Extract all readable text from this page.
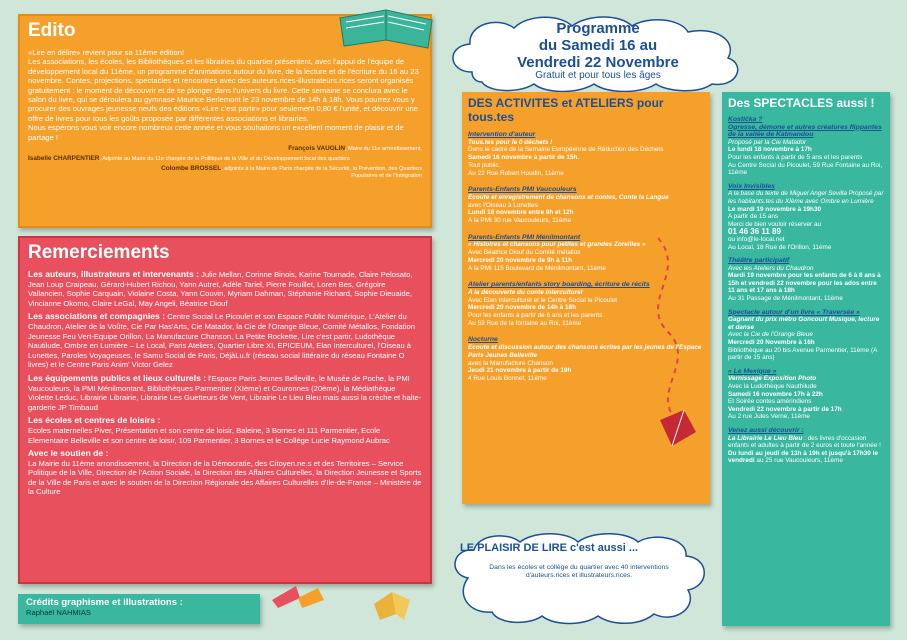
Edito
«Lire en délire» revient pour sa 11ème édition!
Les associations, les écoles, les Bibliothèques et les librairies du quartier présentent, avec l'appui de l'équipe de développement local du 11ème, un programme d'animations autour du livre, de la lecture et de l'écriture du 16 au 23 novembre. Contes, projections, spectacles et rencontres avec des auteurs.rices-illustrateurs.rices seront organisés gratuitement : le moment de découvrir et de se plonger dans l'univers du livre. Cette semaine se conclura avec le salon du livre, qui se déroulera au gymnase Maurice Berlemont le 23 novembre de 14h à 18h. Vous pourrez vous y procurer des ouvrages jeunesse neufs des éditions «Lire c'est partir» pour seulement 0,80 € l'unité, et découvrir une offre de livres pour tous les goûts proposée par différentes associations et librairies.
Nous espérons vous voir encore nombreux cette année et vous souhaitons un excellent moment de plaisir et de partage !
François VAUGLIN, Maire du 11e arrondissement,
Isabelle CHARPENTIER, Adjointe au Maire du 11e chargée de la Politique de la Ville et du Développement local des quartiers
Colombe BROSSEL, adjointe à la Maire de Paris chargée de la Sécurité, la Prévention, des Quartiers Populaires et de l'Intégration
Remerciements

Les auteurs, illustrateurs et intervenants : Julie Mellan, Corinne Binois, Karine Tournade, Claire Pelosato, Jean Loup Craipeau, Gérard-Hubert Richou, Yann Autret, Adèle Tariel, Pierre Fouillet, Loren Bes, Grégoire Vallancien, Sophie Carquain, Violaine Costa, Yann Couvin, Myriam Dahman, Stéphanie Richard, Sophie Dieuaide, Vincianne Okomo, Claire LeGal, May Angeli, Béatrice Diouf

Les associations et compagnies : Centre Social Le Picoulet et son Espace Public Numérique, L'Atelier du Chaudron, Atelier de la Voûte, Cie Par Has'Arts, Cie Matador, la Cie de l'Orange Bleue, Comité Métallos, Fondation Jeunesse Feu Vert-Equipe Orillon, La Manufacture Chanson, La Petite Rockette, Lire c'est partir, Ludothèque Nautilude, Ombre en Lumière – Le Local, Paris Ateliers, Quartier Libre XI, EPICEUM, Elan Interculturel, l'Oiseau à Lunettes, Paroles Voyageuses, le Samu Social de Paris, DéjàLu.fr (réseau social littéraire du réseau Fontaine O livres) et le Centre Paris Anim' Victor Gelez

Les équipements publics et lieux culturels : l'Espace Paris Jeunes Belleville, le Musée de Poche, la PMI Vaucouleurs, la PMI Ménilmontant, Bibliothèques Parmentier (XIème) et Couronnes (20ème), la Médiathèque Violette Leduc, Librairie Librairie, Librairie Les Guetteurs de Vent, Librairie Le Lieu Bleu mais aussi la crèche et halte-garderie JP Timbaud

Les écoles et centres de loisirs :
Ecoles maternelles Piver, Présentation et son centre de loisir, Baleine, 3 Bornes et 111 Parmentier, Ecole Elementaire Belleville et son centre de loisir, 109 Parmentier, 3 Bornes et le Collège Lucie Raymond Aubrac

Avec le soutien de :
La Mairie du 11ème arrondissement, la Direction de la Démocratie, des Citoyen.ne.s et des Territoires – Service Politique de la Ville, Direction de l'Action Sociale, la Direction des Affaires Culturelles, la Direction Jeunesse et Sports de la Ville de Paris et avec le soutien de la Direction Régionale des Affaires Culturelles d'Ile-de-France – Ministère de la Culture

Crédits graphisme et illustrations :
Raphaël NAHMIAS
Programme
du Samedi 16 au
Vendredi 22 Novembre
Gratuit et pour tous les âges
DES ACTIVITES et ATELIERS pour tous.tes
Intervention d'auteur
Tous.tes pour le 0 déchets !
Dans le cadre de la Semaine Européenne de Réduction des Déchets
Samedi 16 novembre à partir de 15h.
Tout public.
Au 22 Rue Robert Houdin, 11ème
Parents-Enfants PMI Vaucouleurs
Ecoute et enregistrement de chansons et contes, Conte la Langue
avec l'Oiseau à Lunettes
Lundi 18 novembre entre 9h et 12h
A la PMI 30 rue Vaucouleurs, 11ème
Parents-Enfants PMI Ménilmontant
« Histoires et chansons pour petites et grandes Zoreilles »
Avec Béatrice Diouf du Comité métallos
Mercredi 20 novembre de 9h à 11h
A la PMI 115 Boulevard de Ménilmontant, 11ème
Atelier parents/enfants story boarding, écriture de récits
A la découverte du conte interculturel
Avec Elan Interculturel et le Centre Social le Picoulet
Mercredi 20 novembre de 14h à 18h
Pour les enfants à partir de 6 ans et les parents
Au 59 Rue de la fontaine au Roi, 11ème
Nocturne
Ecoute et discussion autour des chansons écrites par les jeunes de l'Espace Paris Jeunes Belleville
avec la Manufacture Chanson
Jeudi 21 novembre à partir de 19h
4 Rue Louis Bonnet, 11ème
Des SPECTACLES aussi !
Kostička ?
Ogresse, démone et autres créatures flippantes de la vallée de Katmandou
Proposé par la Cie Matador
Le lundi 18 novembre à 17h
Pour les enfants à partir de 5 ans et les parents
Au Centre Social du Picoulet, 59 Rue Fontaine au Roi, 11ème
Voix Invisibles
A la base du texte de Miguel Angel Sevilla Proposé par les habitants.tes du XIème avec Ombre en Lumière
Le mardi 19 novembre à 19h30
A partir de 15 ans
Merci de bien vouloir réserver au
01 46 36 11 89
ou info@le-local.net
Au Local, 18 Rue de l'Orillon, 11ème
Théâtre participatif
Avec les Ateliers du Chaudron
Mardi 19 novembre pour les enfants de 6 à 8 ans à 15h et vendredi 22 novembre pour les ados entre 11 ans et 17 ans à 18h
Au 31 Passage de Ménilmontant, 11ème
Spectacle autour d'un livre « Traversée »
Gagnant du prix métro Goncourt Musique, lecture et danse
Avec la Cie de l'Orange Bleue
Mercredi 20 Novembre à 16h
Bibliothèque au 20 bis Avenue Parmentier, 11ème (A partir de 15 ans)
« Le Mexique »
Vernissage Exposition Photo
Avec la Ludothèque Nauthilude
Samedi 16 novembre 17h à 22h
Et Soirée contes amérindiens
Vendredi 22 novembre à partir de 17h
Au 2 rue Jules Verne, 11ème
Venez aussi découvrir :
La Librairie Le Lieu Bleu : des livres d'occasion enfants et adultes à partir de 2 euros et toute l'année ! Du lundi au jeudi de 13h à 19h et jusqu'à 17h30 le vendredi au 25 rue Vaucouleurs, 11ème
LE PLAISIR DE LIRE c'est aussi ...
Dans les écoles et collège du quartier avec 40 interventions d'auteurs.rices et illustrateurs.rices.
